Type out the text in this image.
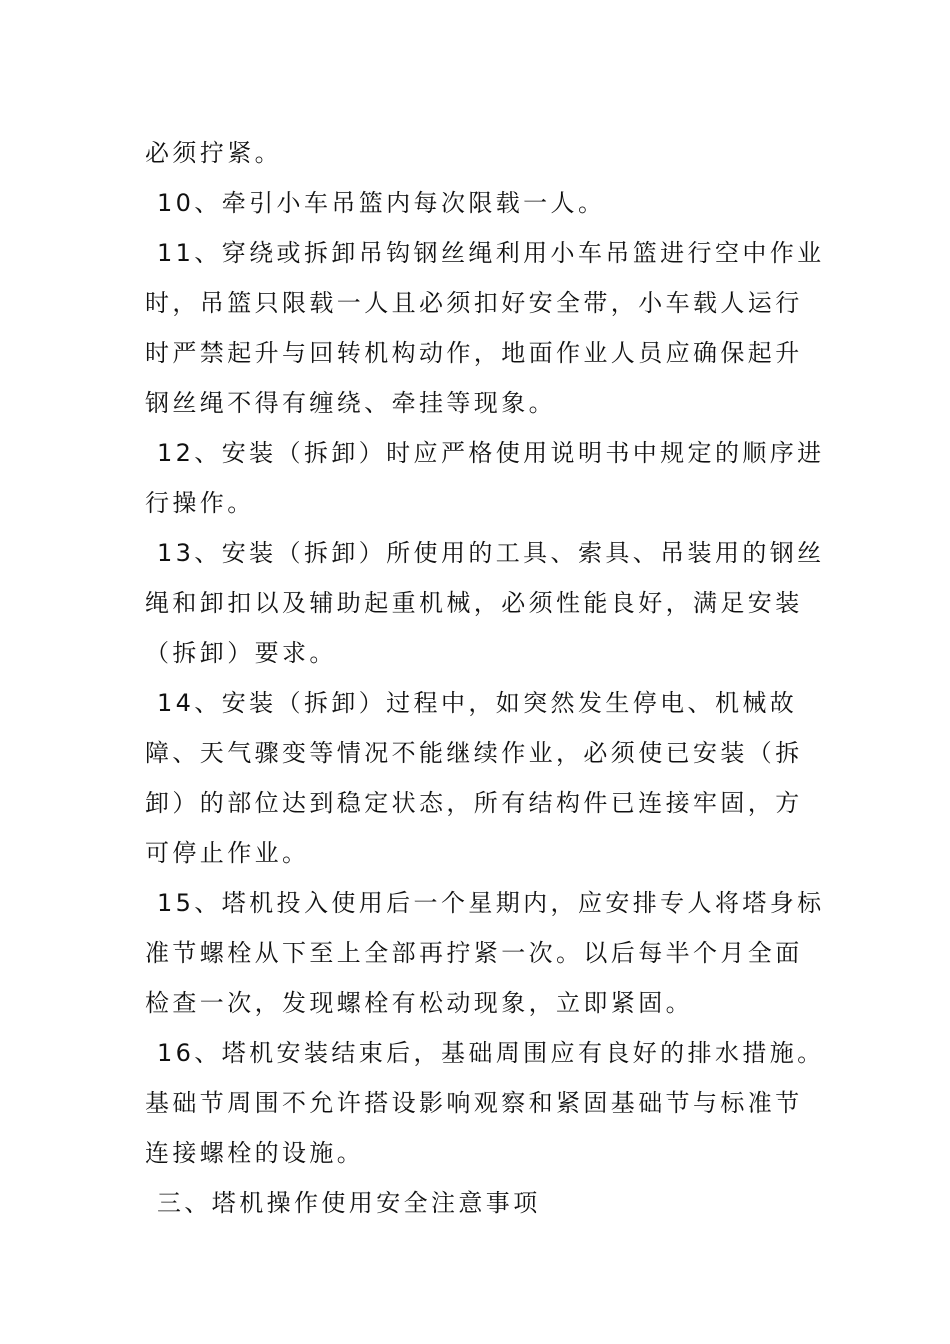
必须拧紧。

10、牵引小车吊篮内每次限载一人。

11、穿绕或拆卸吊钩钢丝绳利用小车吊篮进行空中作业时，吊篮只限载一人且必须扣好安全带，小车载人运行时严禁起升与回转机构动作，地面作业人员应确保起升钢丝绳不得有缠绕、牵挂等现象。

12、安装（拆卸）时应严格使用说明书中规定的顺序进行操作。

13、安装（拆卸）所使用的工具、索具、吊装用的钢丝绳和卸扣以及辅助起重机械，必须性能良好，满足安装（拆卸）要求。

14、安装（拆卸）过程中，如突然发生停电、机械故障、天气骤变等情况不能继续作业，必须使已安装（拆卸）的部位达到稳定状态，所有结构件已连接牢固，方可停止作业。

15、塔机投入使用后一个星期内，应安排专人将塔身标准节螺栓从下至上全部再拧紧一次。以后每半个月全面检查一次，发现螺栓有松动现象，立即紧固。

16、塔机安装结束后，基础周围应有良好的排水措施。基础节周围不允许搭设影响观察和紧固基础节与标准节连接螺栓的设施。

三、塔机操作使用安全注意事项
